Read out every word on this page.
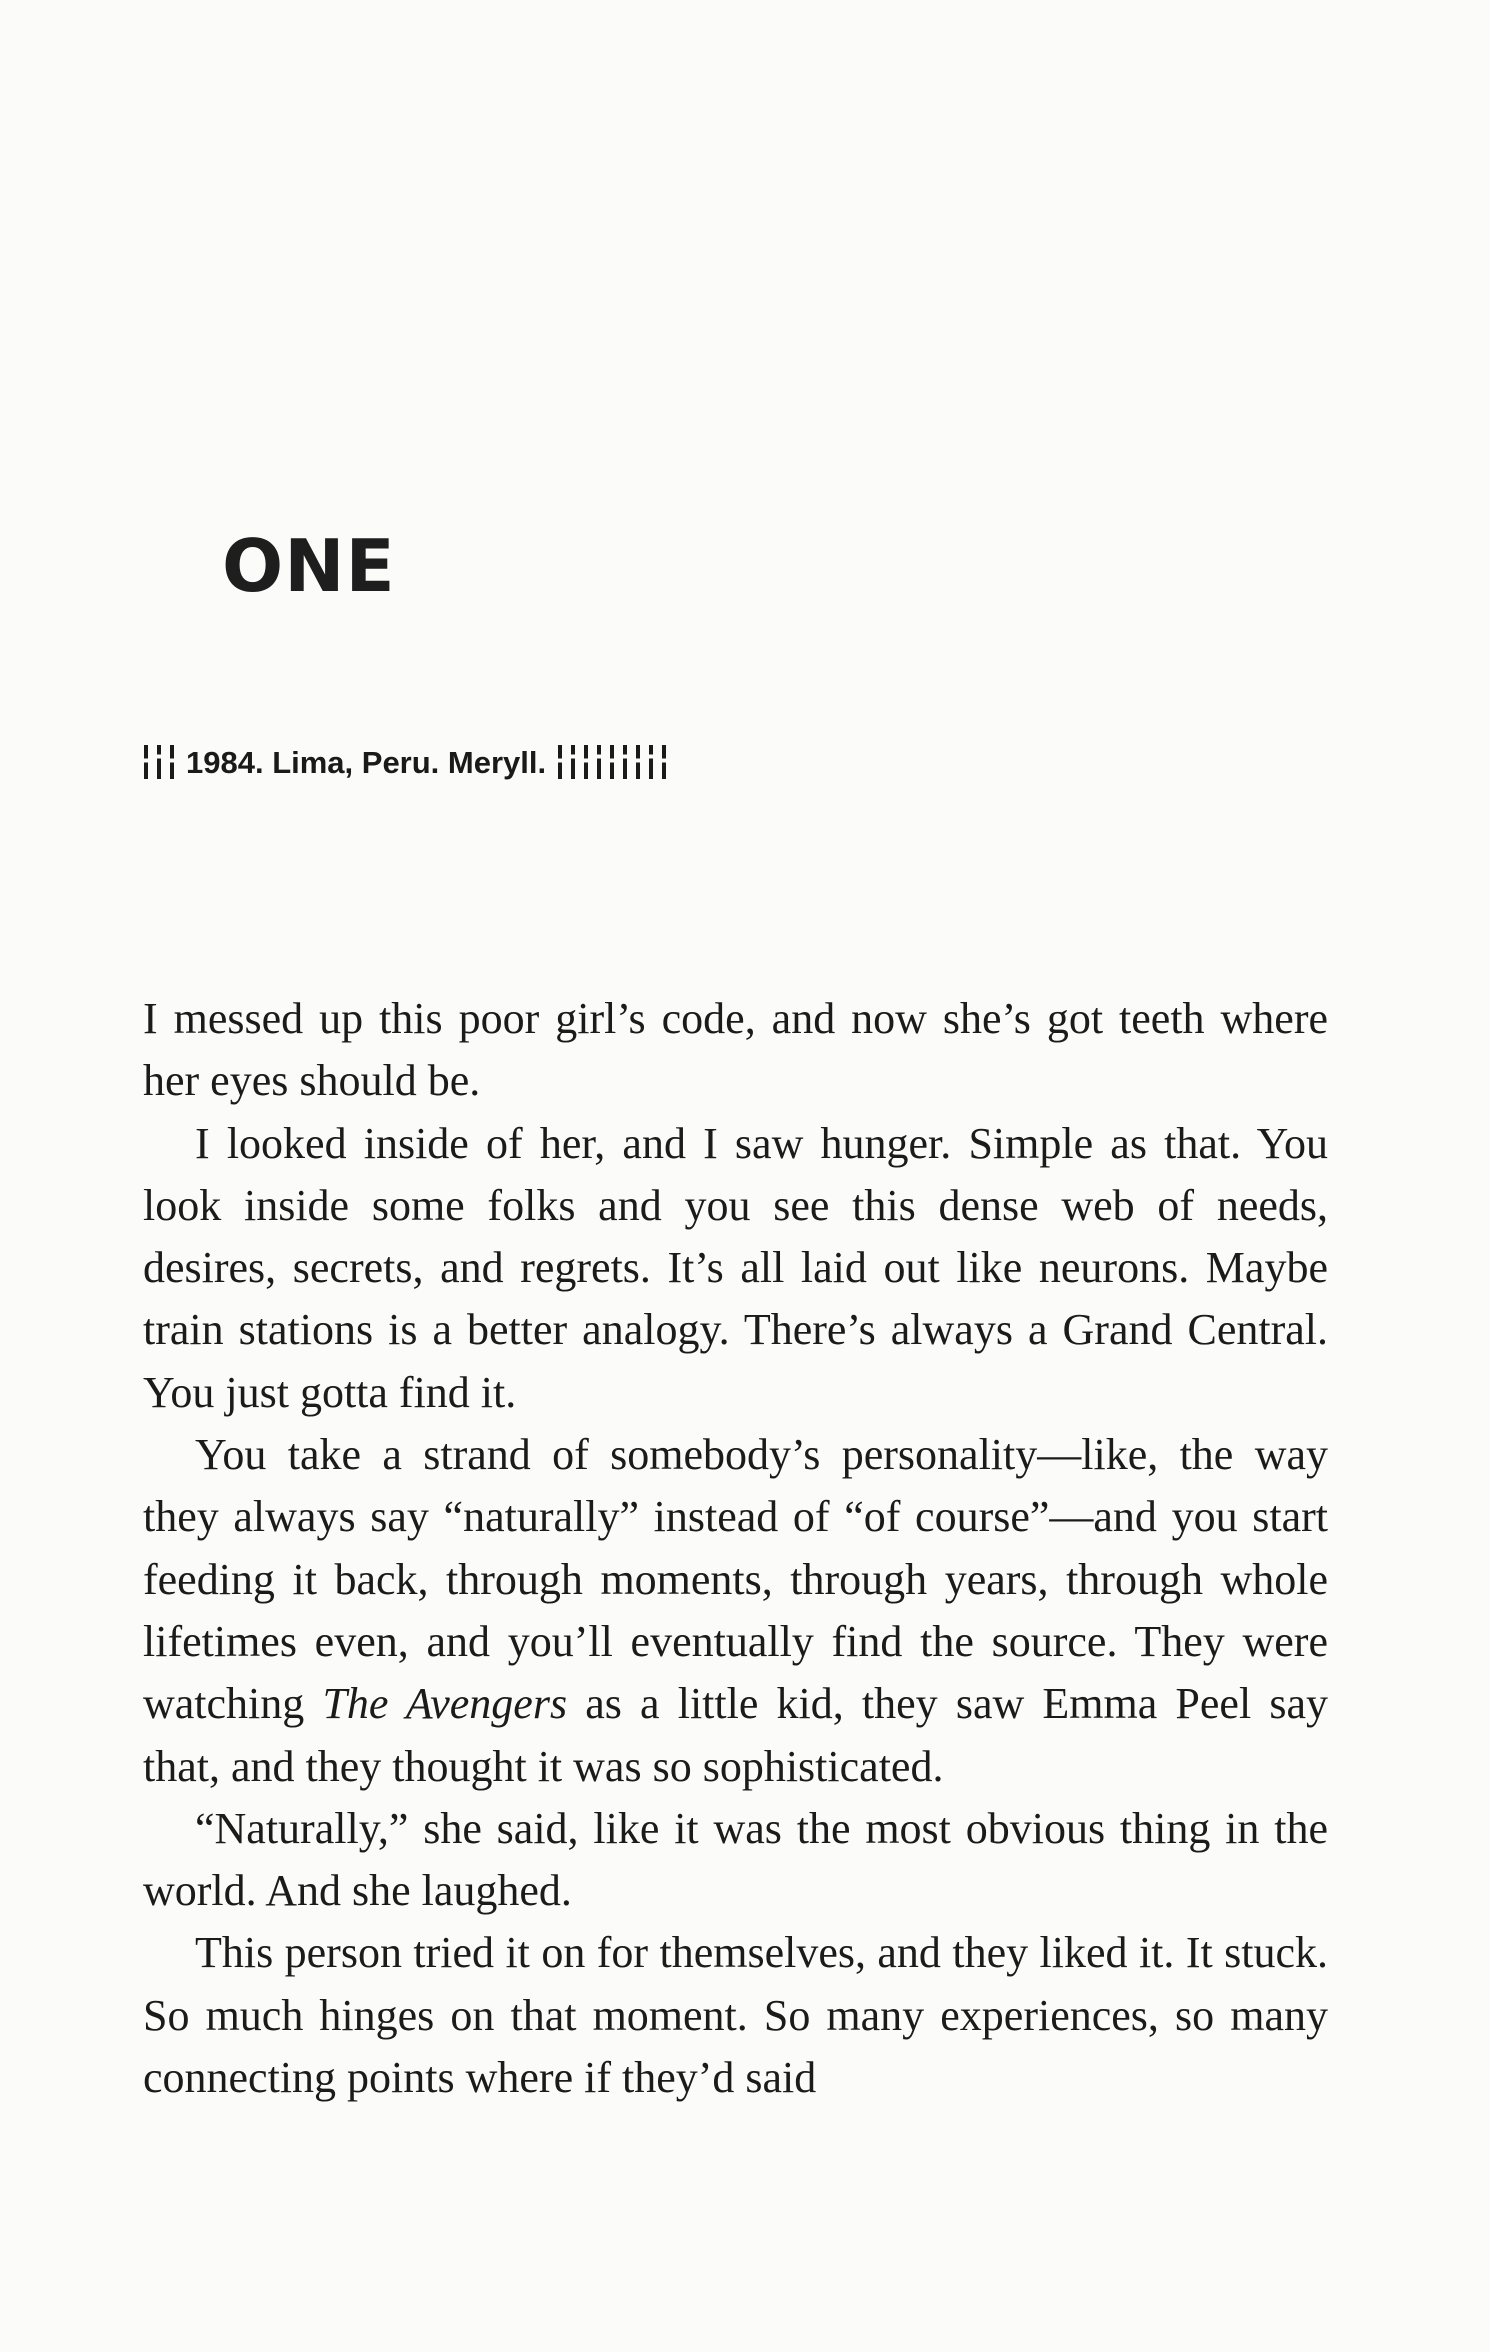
ONE
1984. Lima, Peru. Meryll.

I messed up this poor girl’s code, and now she’s got teeth where her eyes should be.

I looked inside of her, and I saw hunger. Simple as that. You look inside some folks and you see this dense web of needs, desires, secrets, and regrets. It’s all laid out like neurons. Maybe train stations is a better analogy. There’s always a Grand Central. You just gotta find it.

You take a strand of somebody’s personality—like, the way they always say “naturally” instead of “of course”—and you start feeding it back, through moments, through years, through whole lifetimes even, and you’ll eventually find the source. They were watching The Avengers as a little kid, they saw Emma Peel say that, and they thought it was so sophisticated.

“Naturally,” she said, like it was the most obvious thing in the world. And she laughed.

This person tried it on for themselves, and they liked it. It stuck. So much hinges on that moment. So many experiences, so many connecting points where if they’d said
